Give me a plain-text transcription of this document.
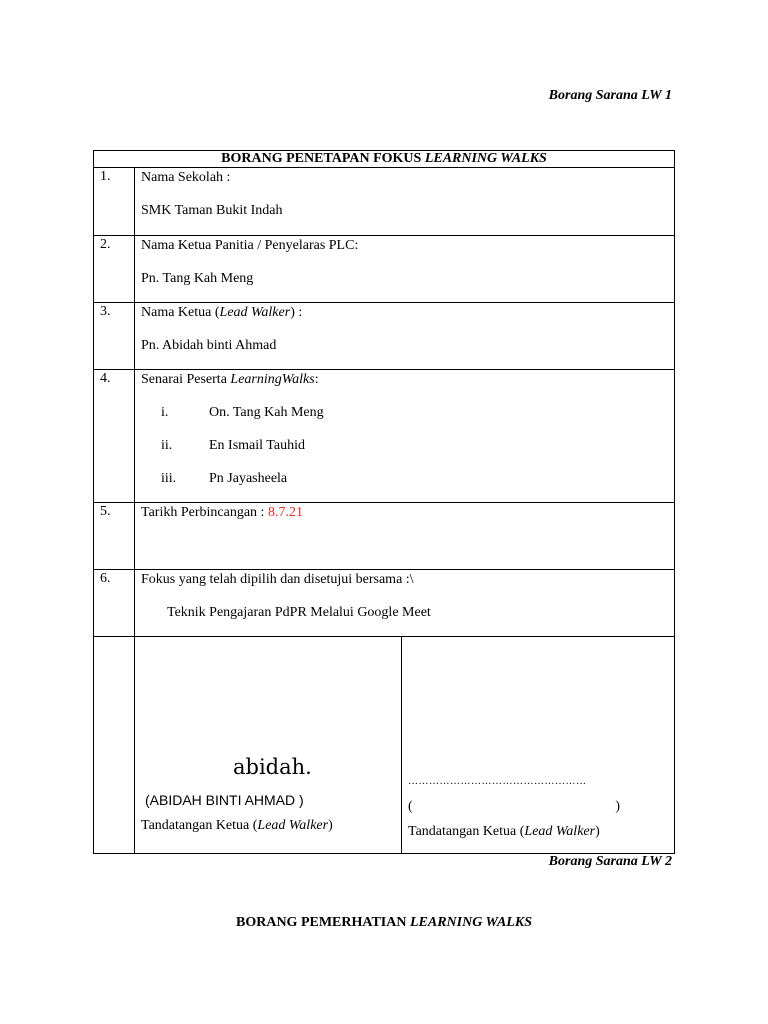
Borang Sarana LW 1
BORANG PENETAPAN FOKUS LEARNING WALKS
1.	Nama Sekolah :
SMK Taman Bukit Indah
2.	Nama Ketua Panitia / Penyelaras PLC:
Pn. Tang Kah Meng
3.	Nama Ketua (Lead Walker) :
Pn. Abidah binti Ahmad
4.	Senarai Peserta LearningWalks:
i.	On. Tang Kah Meng
ii.	En Ismail Tauhid
iii.	Pn Jayasheela
5.	Tarikh Perbincangan : 8.7.21
6.	Fokus yang telah dipilih dan disetujui bersama :\
Teknik Pengajaran PdPR Melalui Google Meet
abidah.
(ABIDAH BINTI AHMAD )
Tandatangan Ketua (Lead Walker)
……………………………………………
(	)
Tandatangan Ketua (Lead Walker)
Borang Sarana LW 2
BORANG PEMERHATIAN LEARNING WALKS
